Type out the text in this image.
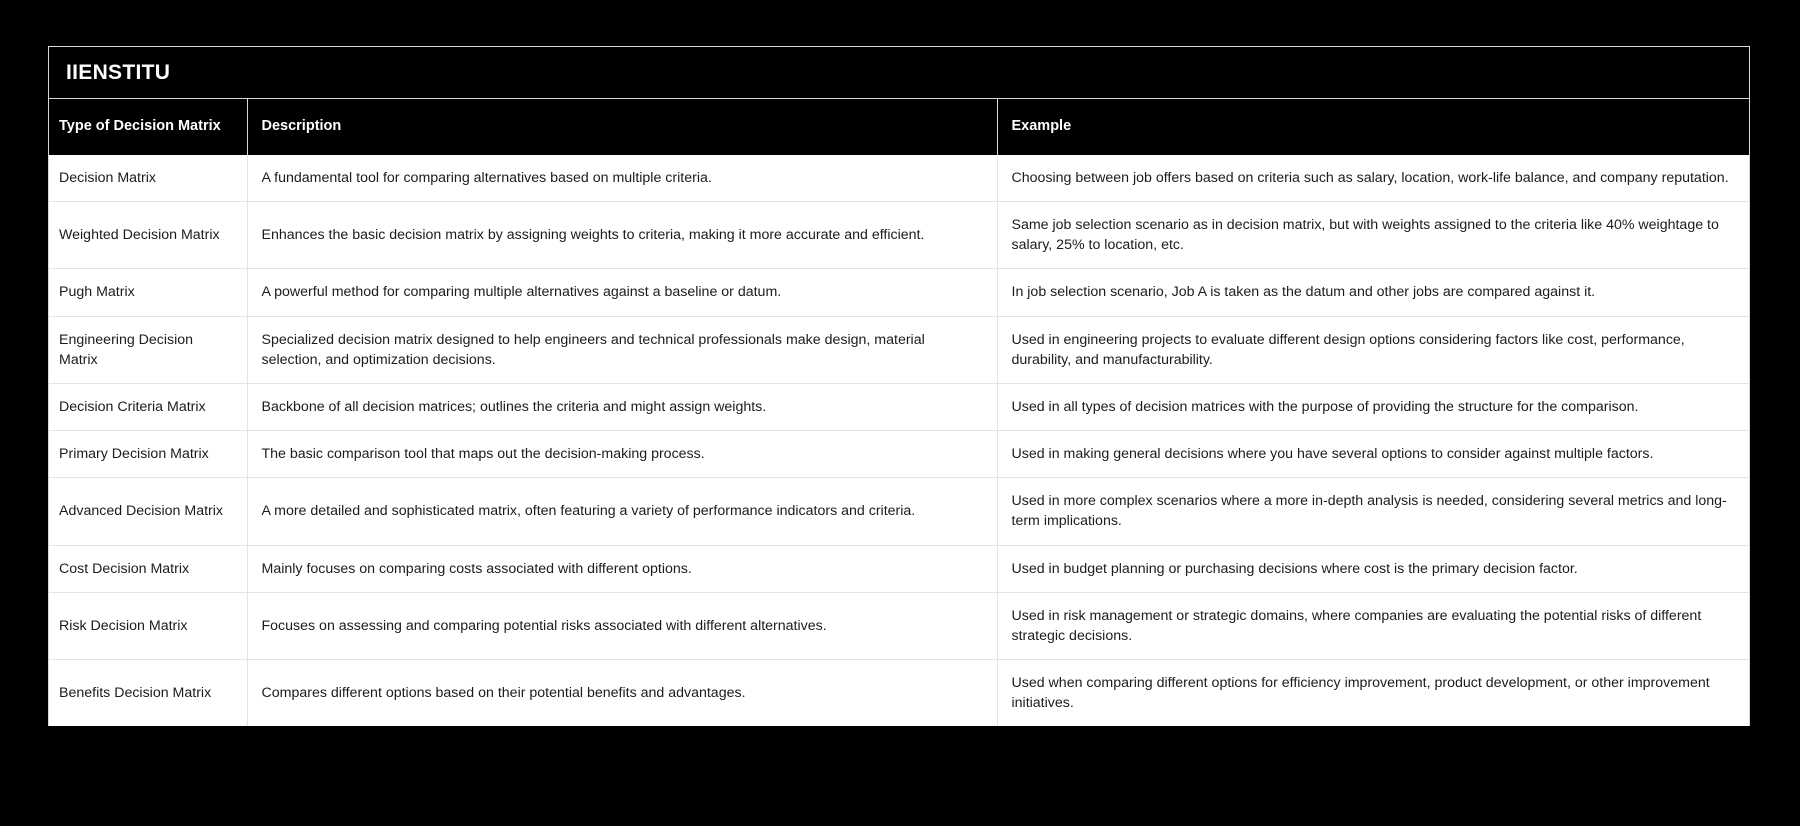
IIENSTITU
Type of Decision Matrix	Description	Example
Decision Matrix	A fundamental tool for comparing alternatives based on multiple criteria.	Choosing between job offers based on criteria such as salary, location, work-life balance, and company reputation.
Weighted Decision Matrix	Enhances the basic decision matrix by assigning weights to criteria, making it more accurate and efficient.	Same job selection scenario as in decision matrix, but with weights assigned to the criteria like 40% weightage to salary, 25% to location, etc.
Pugh Matrix	A powerful method for comparing multiple alternatives against a baseline or datum.	In job selection scenario, Job A is taken as the datum and other jobs are compared against it.
Engineering Decision Matrix	Specialized decision matrix designed to help engineers and technical professionals make design, material selection, and optimization decisions.	Used in engineering projects to evaluate different design options considering factors like cost, performance, durability, and manufacturability.
Decision Criteria Matrix	Backbone of all decision matrices; outlines the criteria and might assign weights.	Used in all types of decision matrices with the purpose of providing the structure for the comparison.
Primary Decision Matrix	The basic comparison tool that maps out the decision-making process.	Used in making general decisions where you have several options to consider against multiple factors.
Advanced Decision Matrix	A more detailed and sophisticated matrix, often featuring a variety of performance indicators and criteria.	Used in more complex scenarios where a more in-depth analysis is needed, considering several metrics and long-term implications.
Cost Decision Matrix	Mainly focuses on comparing costs associated with different options.	Used in budget planning or purchasing decisions where cost is the primary decision factor.
Risk Decision Matrix	Focuses on assessing and comparing potential risks associated with different alternatives.	Used in risk management or strategic domains, where companies are evaluating the potential risks of different strategic decisions.
Benefits Decision Matrix	Compares different options based on their potential benefits and advantages.	Used when comparing different options for efficiency improvement, product development, or other improvement initiatives.
